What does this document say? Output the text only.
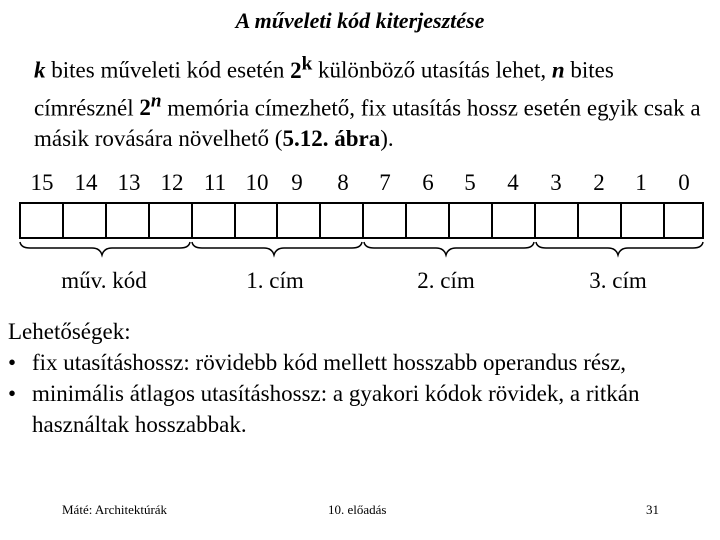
A műveleti kód kiterjesztése
k bites műveleti kód esetén 2$^k$ különböző utasítás lehet, n bites címrésznél 2$^n$ memória címezhető, fix utasítás hossz esetén egyik csak a másik rovására növelhető (5.12. ábra).
15 14 13 12 11 10 9 8 7 6 5 4 3 2 1 0
műv. kód	1. cím	2. cím	3. cím
Lehetőségek:
• fix utasításhossz: rövidebb kód mellett hosszabb operandus rész,
• minimális átlagos utasításhossz: a gyakori kódok rövidek, a ritkán használtak hosszabbak.
Máté: Architektúrák	10. előadás	31
